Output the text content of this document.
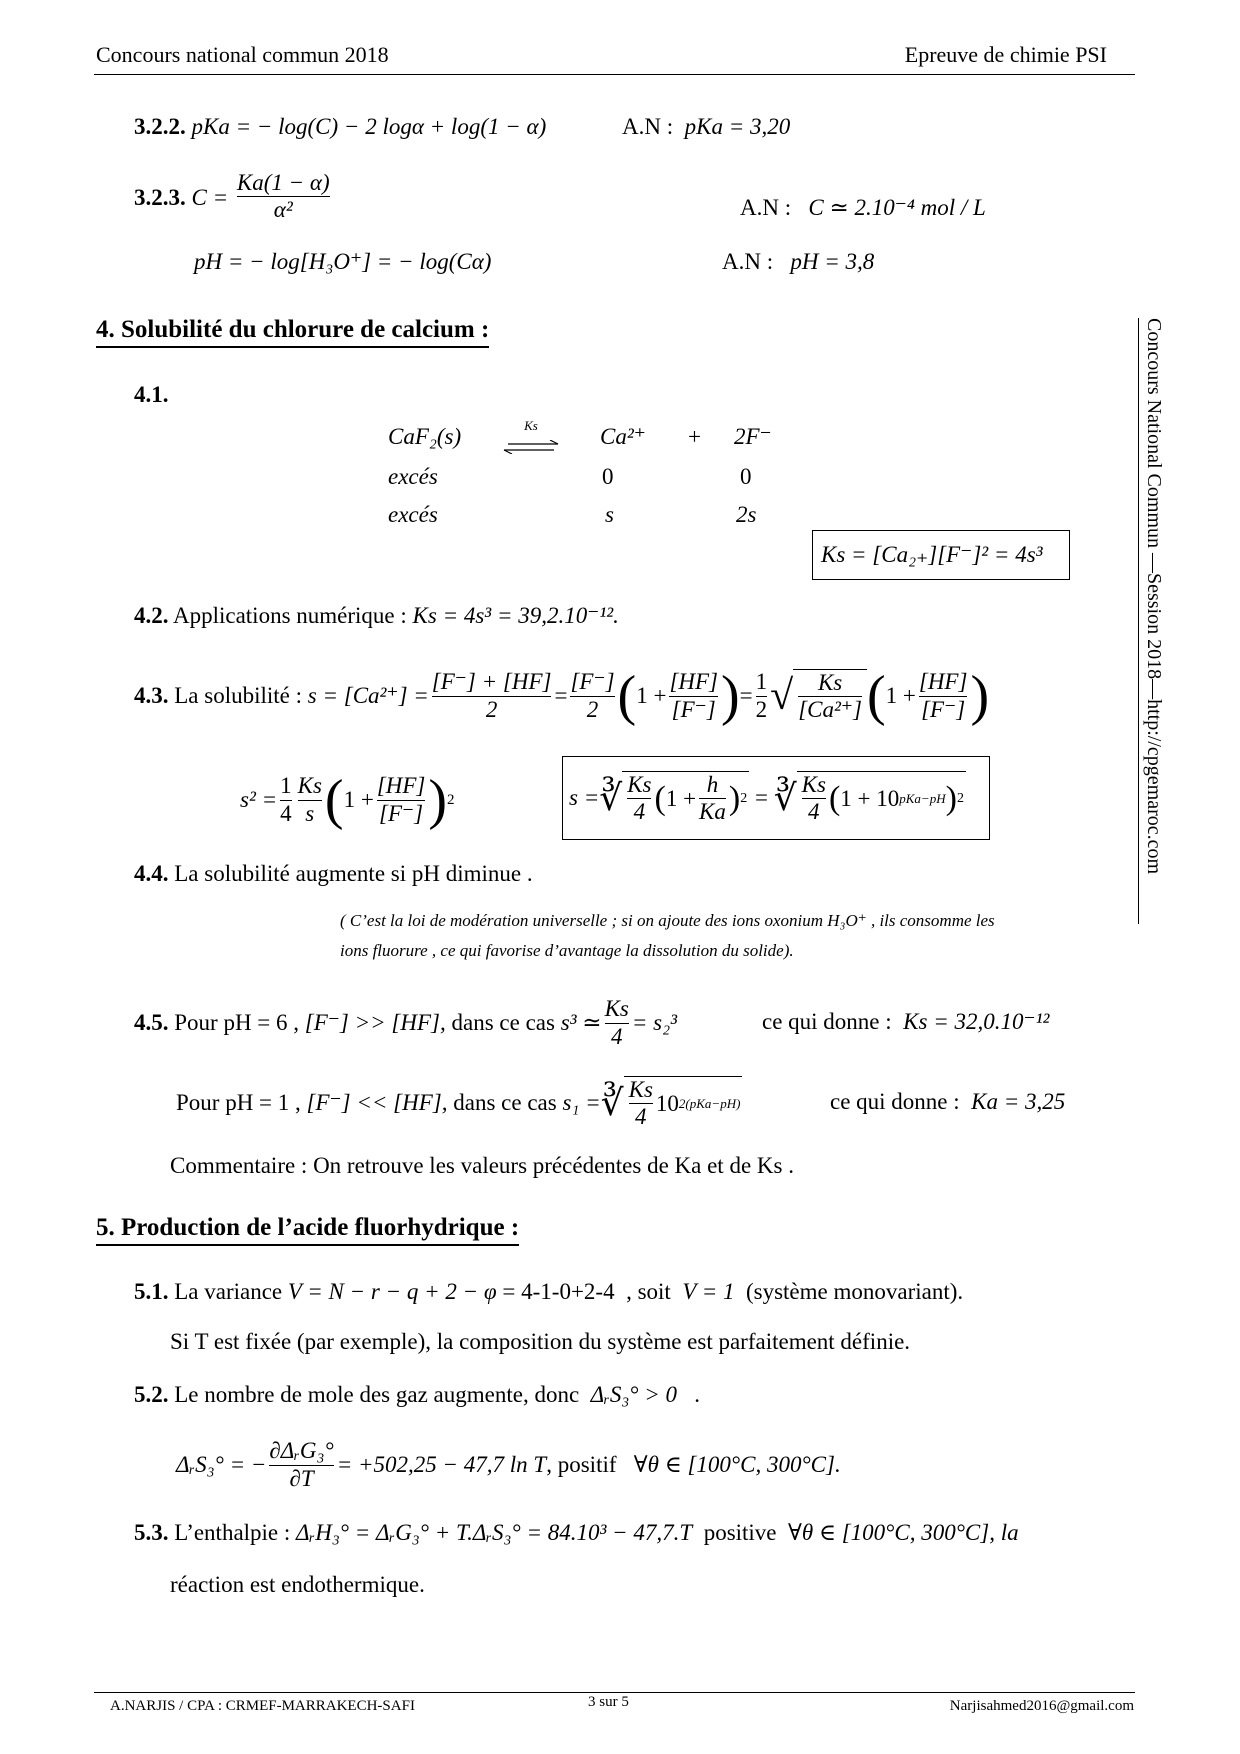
Concours national commun 2018	Epreuve de chimie PSI
Concours National Commun —Session 2018—http://cpgemaroc.com
3.2.2. pKa = − log(C) − 2 logα + log(1 − α)	A.N : pKa = 3,20
3.2.3. $C = \frac{Ka(1 - \alpha)}{\text{α²}}$	A.N : C ≃ 2.10⁻⁴ mol / L
pH = − log[H₃O⁺] = − log(Cα)	A.N : pH = 3,8
4. Solubilité du chlorure de calcium :
4.1.
CaF₂(s)	Ks	Ca²⁺ + 2F⁻
excés	0	0
excés	s	2s
Ks = [Ca₂₊][F⁻]² = 4s³
4.2. Applications numérique : Ks = 4s³ = 39,2.10⁻¹².
4.3.
La solubilité :
$s = [Ca^{2+}] = \frac{[F^-] + [HF]}{2} = \frac{[F^-]}{2}$ ( $1 + \frac{[HF]}{[F^-]}$ ) = $\frac{1}{2}$ √ $\frac{Ks}{\text{[Ca²⁺]}}$ ( $1 + \frac{[HF]}{[F^-]}$ )
$s^2 = \frac{1}{4} \frac{Ks}{s}$ ( $1 + \frac{[HF]}{[F^-]}$ ) 2	s = ∛ $\frac{Ks}{4}$ ( $1 + \frac{h}{Ka}$ ) 2 = ∛ $\frac{Ks}{4}$ ( 1 + 10 pKa−pH ) 2
4.4. La solubilité augmente si pH diminue .
( C’est la loi de modération universelle ; si on ajoute des ions oxonium H₃O⁺ , ils consomme les
ions fluorure , ce qui favorise d’avantage la dissolution du solide).
4.5.
Pour pH = 6 ,
[F⁻] >> [HF],
dans ce cas
s³ ≃ $\frac{Ks}{4} = s_2^3$	ce qui donne : Ks = 32,0.10⁻¹²
Pour pH = 1 ,
[F⁻] << [HF],
dans ce cas
s₁ = ∛ $\frac{Ks}{4} 10$ 2(pKa−pH)	ce qui donne : Ka = 3,25
Commentaire : On retrouve les valeurs précédentes de Ka et de Ks .
5. Production de l’acide fluorhydrique :
5.1. La variance V = N − r − q + 2 − φ = 4-1-0+2-4 , soit V = 1 (système monovariant).
Si T est fixée (par exemple), la composition du système est parfaitement définie.
5.2. Le nombre de mole des gaz augmente, donc ΔᵣS₃° > 0 .
ΔᵣS₃° = − $\frac{\text{∂ΔᵣG₃°}}{\partial T} = +502,25 - 47,7$ ln T , positif
∀θ ∈ [100°C, 300°C].
5.3. L’enthalpie : ΔᵣH₃° = ΔᵣG₃° + T.ΔᵣS₃° = 84.10³ − 47,7.T positive ∀θ ∈ [100°C, 300°C], la
réaction est endothermique.
A.NARJIS / CPA : CRMEF-MARRAKECH-SAFI	3 sur 5	Narjisahmed2016@gmail.com
